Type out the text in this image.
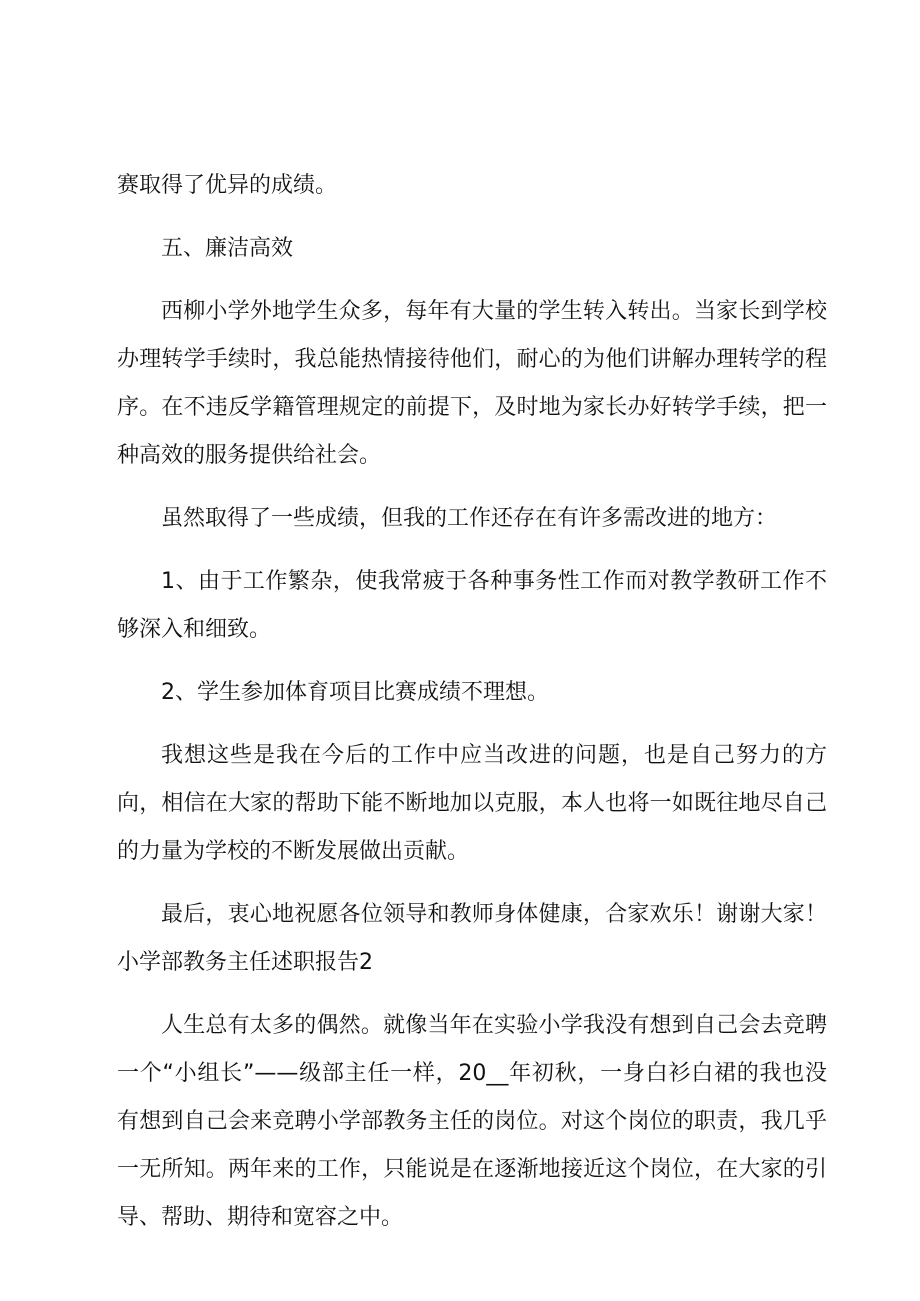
赛取得了优异的成绩。

五、廉洁高效

西柳小学外地学生众多，每年有大量的学生转入转出。当家长到学校办理转学手续时，我总能热情接待他们，耐心的为他们讲解办理转学的程序。在不违反学籍管理规定的前提下，及时地为家长办好转学手续，把一种高效的服务提供给社会。

虽然取得了一些成绩，但我的工作还存在有许多需改进的地方：

1、由于工作繁杂，使我常疲于各种事务性工作而对教学教研工作不够深入和细致。

2、学生参加体育项目比赛成绩不理想。

我想这些是我在今后的工作中应当改进的问题，也是自己努力的方向，相信在大家的帮助下能不断地加以克服，本人也将一如既往地尽自己的力量为学校的不断发展做出贡献。

最后，衷心地祝愿各位领导和教师身体健康，合家欢乐！谢谢大家！小学部教务主任述职报告2

人生总有太多的偶然。就像当年在实验小学我没有想到自己会去竞聘一个“小组长”——级部主任一样，20__年初秋，一身白衫白裙的我也没有想到自己会来竞聘小学部教务主任的岗位。对这个岗位的职责，我几乎一无所知。两年来的工作，只能说是在逐渐地接近这个岗位，在大家的引导、帮助、期待和宽容之中。
